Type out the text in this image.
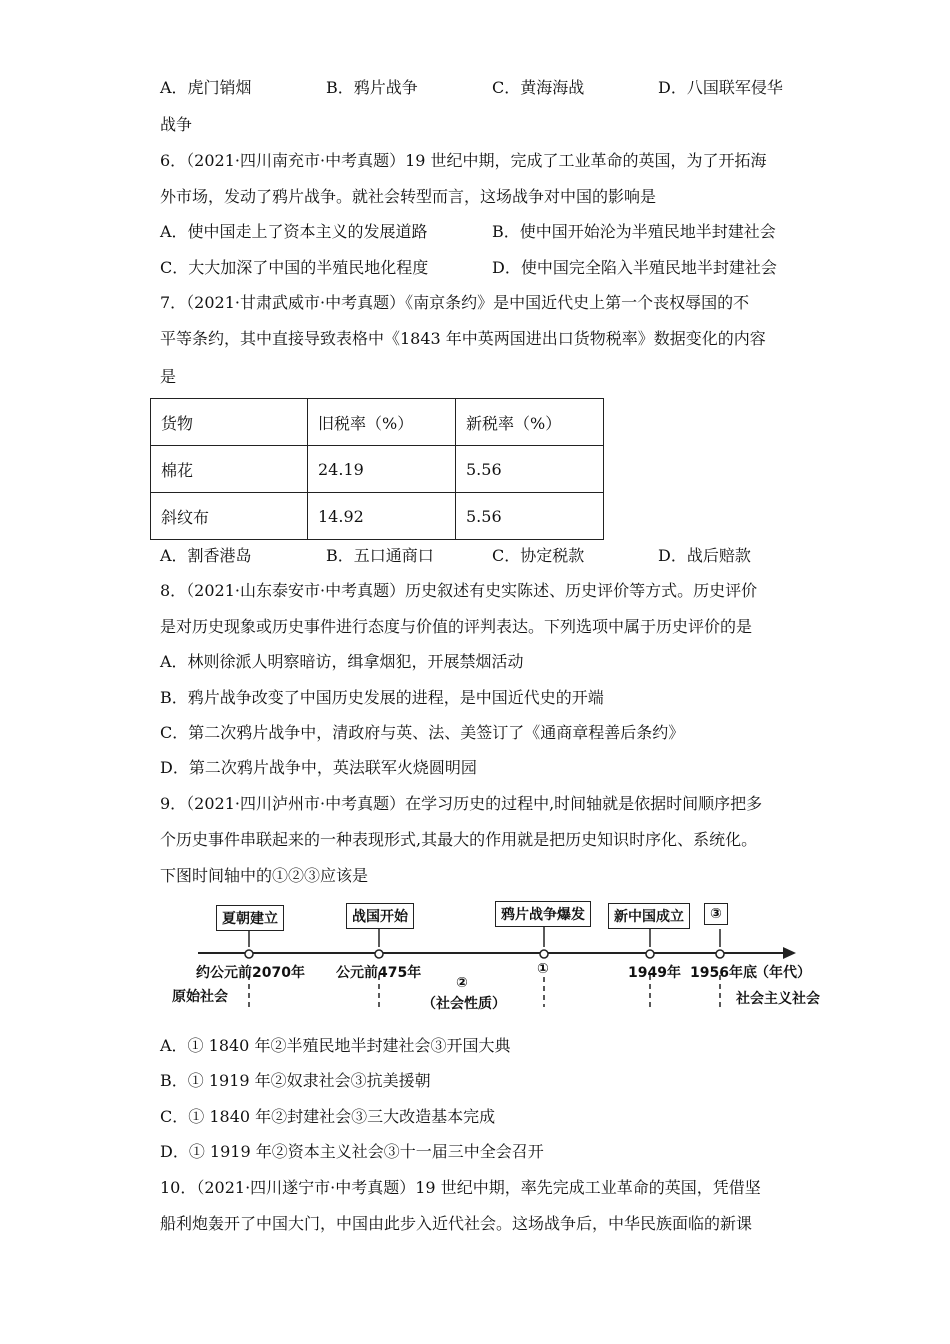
A．虎门销烟	B．鸦片战争	C．黄海海战	D．八国联军侵华
战争
6．（2021·四川南充市·中考真题）19 世纪中期，完成了工业革命的英国，为了开拓海
外市场，发动了鸦片战争。就社会转型而言，这场战争对中国的影响是
A．使中国走上了资本主义的发展道路	B．使中国开始沦为半殖民地半封建社会
C．大大加深了中国的半殖民地化程度	D．使中国完全陷入半殖民地半封建社会
7．（2021·甘肃武威市·中考真题）《南京条约》是中国近代史上第一个丧权辱国的不
平等条约，其中直接导致表格中《1843 年中英两国进出口货物税率》数据变化的内容
是
货物	旧税率（%）	新税率（%）
棉花	24.19	5.56
斜纹布	14.92	5.56
A．割香港岛	B．五口通商口	C．协定税款	D．战后赔款
8．（2021·山东泰安市·中考真题）历史叙述有史实陈述、历史评价等方式。历史评价
是对历史现象或历史事件进行态度与价值的评判表达。下列选项中属于历史评价的是
A．林则徐派人明察暗访，缉拿烟犯，开展禁烟活动
B．鸦片战争改变了中国历史发展的进程，是中国近代史的开端
C．第二次鸦片战争中，清政府与英、法、美签订了《通商章程善后条约》
D．第二次鸦片战争中，英法联军火烧圆明园
9．（2021·四川泸州市·中考真题）在学习历史的过程中,时间轴就是依据时间顺序把多
个历史事件串联起来的一种表现形式,其最大的作用就是把历史知识时序化、系统化。
下图时间轴中的①②③应该是
夏朝建立	战国开始	鸦片战争爆发	新中国成立	③
约公元前2070年 公元前475年	①	1949年 1956年底
（年代）
原始社会
②
（社会性质）	社会主义社会
A．① 1840 年②半殖民地半封建社会③开国大典
B．① 1919 年②奴隶社会③抗美援朝
C．① 1840 年②封建社会③三大改造基本完成
D．① 1919 年②资本主义社会③十一届三中全会召开
10．（2021·四川遂宁市·中考真题）19 世纪中期，率先完成工业革命的英国，凭借坚
船利炮轰开了中国大门，中国由此步入近代社会。这场战争后，中华民族面临的新课
